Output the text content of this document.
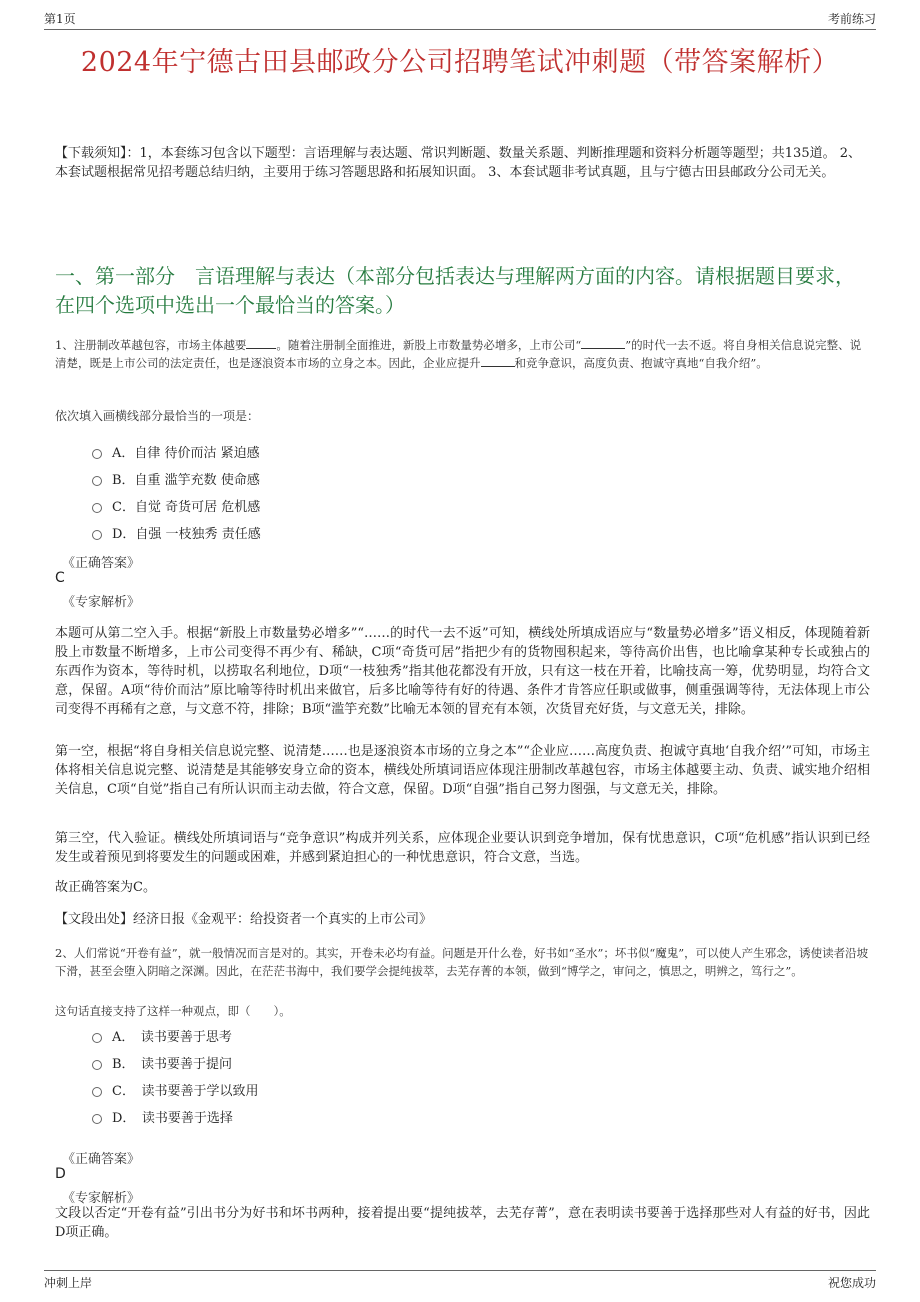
第1页	考前练习
2024年宁德古田县邮政分公司招聘笔试冲刺题（带答案解析）
【下载须知】：1，本套练习包含以下题型：言语理解与表达题、常识判断题、数量关系题、判断推理题和资料分析题等题型；共135道。 2、本套试题根据常见招考题总结归纳，主要用于练习答题思路和拓展知识面。 3、本套试题非考试真题，且与宁德古田县邮政分公司无关。
一、第一部分　言语理解与表达（本部分包括表达与理解两方面的内容。请根据题目要求，在四个选项中选出一个最恰当的答案。）
1、注册制改革越包容，市场主体越要	。随着注册制全面推进，新股上市数量势必增多，上市公司“	”的时代一去不返。将自身相关信息说完整、说清楚，既是上市公司的法定责任，也是逐浪资本市场的立身之本。因此，企业应提升	和竞争意识，高度负责、抱诚守真地“自我介绍”。
依次填入画横线部分最恰当的一项是：
A．自律 待价而沽 紧迫感
B．自重 滥竽充数 使命感
C．自觉 奇货可居 危机感
D．自强 一枝独秀 责任感
《正确答案》
C
《专家解析》
本题可从第二空入手。根据“新股上市数量势必增多”“……的时代一去不返”可知，横线处所填成语应与“数量势必增多”语义相反，体现随着新股上市数量不断增多，上市公司变得不再少有、稀缺，C项“奇货可居”指把少有的货物囤积起来，等待高价出售，也比喻拿某种专长或独占的东西作为资本，等待时机，以捞取名利地位，D项“一枝独秀”指其他花都没有开放，只有这一枝在开着，比喻技高一筹，优势明显，均符合文意，保留。A项“待价而沽”原比喻等待时机出来做官，后多比喻等待有好的待遇、条件才肯答应任职或做事，侧重强调等待，无法体现上市公司变得不再稀有之意，与文意不符，排除；B项“滥竽充数”比喻无本领的冒充有本领，次货冒充好货，与文意无关，排除。
第一空，根据“将自身相关信息说完整、说清楚……也是逐浪资本市场的立身之本”“企业应……高度负责、抱诚守真地‘自我介绍’”可知，市场主体将相关信息说完整、说清楚是其能够安身立命的资本，横线处所填词语应体现注册制改革越包容，市场主体越要主动、负责、诚实地介绍相关信息，C项“自觉”指自己有所认识而主动去做，符合文意，保留。D项“自强”指自己努力图强，与文意无关，排除。
第三空，代入验证。横线处所填词语与“竞争意识”构成并列关系，应体现企业要认识到竞争增加，保有忧患意识，C项“危机感”指认识到已经发生或着预见到将要发生的问题或困难，并感到紧迫担心的一种忧患意识，符合文意，当选。
故正确答案为C。
【文段出处】经济日报《金观平：给投资者一个真实的上市公司》
2、人们常说“开卷有益”，就一般情况而言是对的。其实，开卷未必均有益。问题是开什么卷，好书如“圣水”；坏书似“魔鬼”，可以使人产生邪念，诱使读者沿坡下滑，甚至会堕入阴暗之深渊。因此，在茫茫书海中，我们要学会提纯拔萃，去芜存菁的本领，做到“博学之，审问之，慎思之，明辨之，笃行之”。
这句话直接支持了这样一种观点，即（　　）。
A．　读书要善于思考
B．　读书要善于提问
C．　读书要善于学以致用
D．　读书要善于选择
《正确答案》
D
《专家解析》
文段以否定“开卷有益”引出书分为好书和坏书两种，接着提出要“提纯拔萃，去芜存菁”，意在表明读书要善于选择那些对人有益的好书，因此D项正确。
冲刺上岸	祝您成功
